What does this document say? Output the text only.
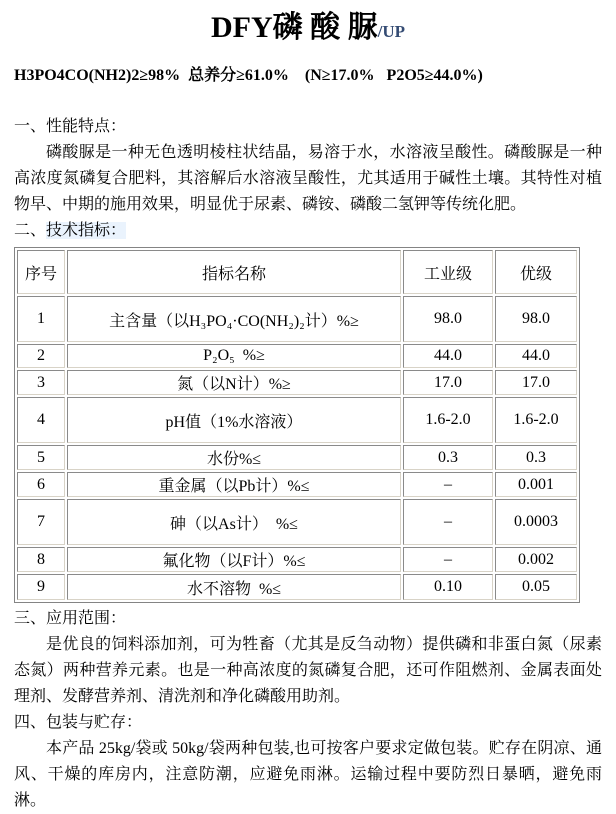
DFY磷 酸 脲/UP
H3PO4CO(NH2)2≥98%  总养分≥61.0%    (N≥17.0%   P2O5≥44.0%)
一、性能特点：

磷酸脲是一种无色透明棱柱状结晶，易溶于水，水溶液呈酸性。磷酸脲是一种高浓度氮磷复合肥料，其溶解后水溶液呈酸性，尤其适用于碱性土壤。其特性对植物早、中期的施用效果，明显优于尿素、磷铵、磷酸二氢钾等传统化肥。

二、技术指标：
序号	指标名称	工业级	优级
1	主含量（以H₃PO₄·CO(NH₂)₂计）%≥	98.0	98.0
2	P₂O₅  %≥	44.0	44.0
3	氮（以N计）%≥	17.0	17.0
4	pH值（1%水溶液）	1.6-2.0	1.6-2.0
5	水份%≤	0.3	0.3
6	重金属（以Pb计）%≤	–	0.001
7	砷（以As计）  %≤	–	0.0003
8	氟化物（以F计）%≤	–	0.002
9	水不溶物  %≤	0.10	0.05
三、应用范围：

是优良的饲料添加剂，可为牲畜（尤其是反刍动物）提供磷和非蛋白氮（尿素态氮）两种营养元素。也是一种高浓度的氮磷复合肥，还可作阻燃剂、金属表面处理剂、发酵营养剂、清洗剂和净化磷酸用助剂。

四、包装与贮存：

本产品 25kg/袋或 50kg/袋两种包装,也可按客户要求定做包装。贮存在阴凉、通风、干燥的库房内，注意防潮，应避免雨淋。运输过程中要防烈日暴晒，避免雨淋。
